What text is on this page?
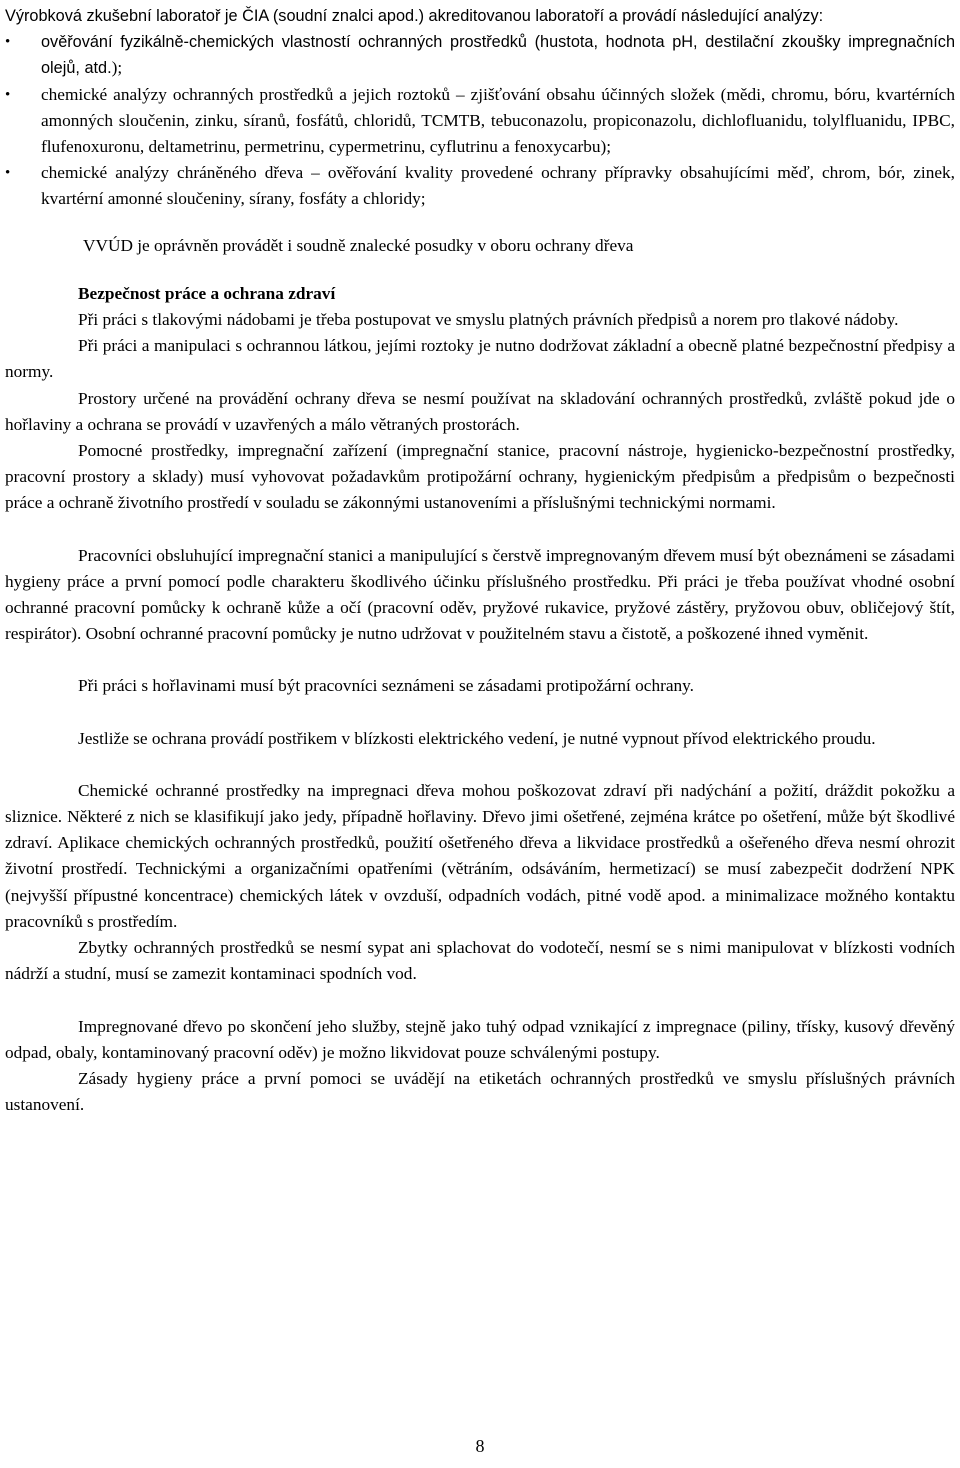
Výrobková zkušební laboratoř je ČIA (soudní znalci apod.) akreditovanou laboratoří a provádí následující analýzy:

•	ověřování fyzikálně-chemických vlastností ochranných prostředků (hustota, hodnota pH, destilační zkoušky impregnačních olejů, atd.);
•	chemické analýzy ochranných prostředků a jejich roztoků – zjišťování obsahu účinných složek (mědi, chromu, bóru, kvartérních amonných sloučenin, zinku, síranů, fosfátů, chloridů, TCMTB, tebuconazolu, propiconazolu, dichlofluanidu, tolylfluanidu, IPBC, flufenoxuronu, deltametrinu, permetrinu, cypermetrinu, cyflutrinu a fenoxycarbu);
•	chemické analýzy chráněného dřeva – ověřování kvality provedené ochrany přípravky obsahujícími měď, chrom, bór, zinek, kvartérní amonné sloučeniny, sírany, fosfáty a chloridy;

VVÚD je oprávněn provádět i soudně znalecké posudky v oboru ochrany dřeva

Bezpečnost práce a ochrana zdraví

Při práci s tlakovými nádobami je třeba postupovat ve smyslu platných právních předpisů a norem pro tlakové nádoby.

Při práci a manipulaci s ochrannou látkou, jejími roztoky je nutno dodržovat základní a obecně platné bezpečnostní předpisy a normy.

Prostory určené na provádění ochrany dřeva se nesmí používat na skladování ochranných prostředků, zvláště pokud jde o hořlaviny a ochrana se provádí v uzavřených a málo větraných prostorách.

Pomocné prostředky, impregnační zařízení (impregnační stanice, pracovní nástroje, hygienicko-bezpečnostní prostředky, pracovní prostory a sklady) musí vyhovovat požadavkům protipožární ochrany, hygienickým předpisům a předpisům o bezpečnosti práce a ochraně životního prostředí v souladu se zákonnými ustanoveními a příslušnými technickými normami.

Pracovníci obsluhující impregnační stanici a manipulující s čerstvě impregnovaným dřevem musí být obeznámeni se zásadami hygieny práce a první pomocí podle charakteru škodlivého účinku příslušného prostředku. Při práci je třeba používat vhodné osobní ochranné pracovní pomůcky k ochraně kůže a očí (pracovní oděv, pryžové rukavice, pryžové zástěry, pryžovou obuv, obličejový štít, respirátor). Osobní ochranné pracovní pomůcky je nutno udržovat v použitelném stavu a čistotě, a poškozené ihned vyměnit.

Při práci s hořlavinami musí být pracovníci seznámeni se zásadami protipožární ochrany.

Jestliže se ochrana provádí postřikem v blízkosti elektrického vedení, je nutné vypnout přívod elektrického proudu.

Chemické ochranné prostředky na impregnaci dřeva mohou poškozovat zdraví při nadýchání a požití, dráždit pokožku a sliznice. Některé z nich se klasifikují jako jedy, případně hořlaviny. Dřevo jimi ošetřené, zejména krátce po ošetření, může být škodlivé zdraví. Aplikace chemických ochranných prostředků, použití ošetřeného dřeva a likvidace prostředků a ošeřeného dřeva nesmí ohrozit životní prostředí. Technickými a organizačními opatřeními (větráním, odsáváním, hermetizací) se musí zabezpečit dodržení NPK (nejvyšší přípustné koncentrace) chemických látek v ovzduší, odpadních vodách, pitné vodě apod. a minimalizace možného kontaktu pracovníků s prostředím.

Zbytky ochranných prostředků se nesmí sypat ani splachovat do vodotečí, nesmí se s nimi manipulovat v blízkosti vodních nádrží a studní, musí se zamezit kontaminaci spodních vod.

Impregnované dřevo po skončení jeho služby, stejně jako tuhý odpad vznikající z impregnace (piliny, třísky, kusový dřevěný odpad, obaly, kontaminovaný pracovní oděv) je možno likvidovat pouze schválenými postupy.

Zásady hygieny práce a první pomoci se uvádějí na etiketách ochranných prostředků ve smyslu příslušných právních ustanovení.

8
